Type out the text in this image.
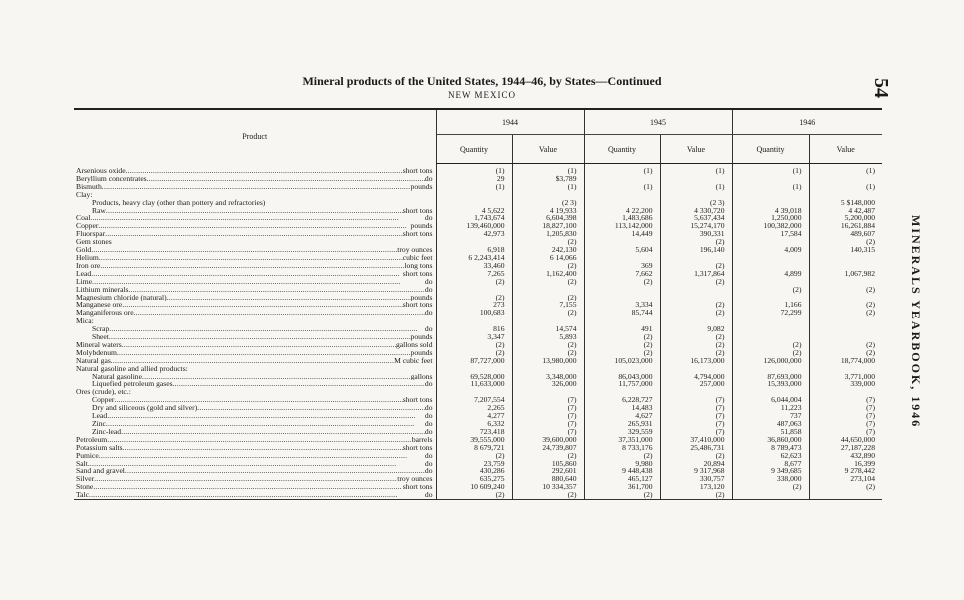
54
MINERALS YEARBOOK, 1946
Mineral products of the United States, 1944–46, by States—Continued
NEW MEXICO
Product	1944		1945		1946	
	Quantity	Value	Quantity	Value	Quantity	Value

Arsenious oxide ..... short tons	(1)	(1)	(1)	(1)	(1)	(1)

Beryllium concentrates ..... do	29	$3,789				

Bismuth ..... pounds	(1)	(1)	(1)	(1)	(1)	(1)

Clay:						

Products, heavy clay (other than pottery and refractories)		(2 3)		(2 3)		5 $148,000

Raw ..... short tons	4 5,622	4 19,933	4 22,200	4 330,720	4 39,018	4 42,487

Coal ..... do	1,743,674	6,604,398	1,483,686	5,637,434	1,250,000	5,200,000

Copper ..... pounds	139,460,000	18,827,100	113,142,000	15,274,170	100,382,000	16,261,884

Fluorspar ..... short tons	42,973	1,205,830	14,449	390,331	17,584	489,607

Gem stones		(2)		(2)		(2)

Gold ..... troy ounces	6,918	242,130	5,604	196,140	4,009	140,315

Helium ..... cubic feet	6 2,243,414	6 14,066				

Iron ore ..... long tons	33,460	(2)	369	(2)		

Lead ..... short tons	7,265	1,162,400	7,662	1,317,864	4,899	1,067,982

Lime ..... do	(2)	(2)	(2)	(2)		

Lithium minerals ..... do					(2)	(2)

Magnesium chloride (natural) ..... pounds	(2)	(2)				

Manganese ore ..... short tons	273	7,155	3,334	(2)	1,166	(2)

Manganiferous ore ..... do	100,683	(2)	85,744	(2)	72,299	(2)

Mica:						

Scrap ..... do	816	14,574	491	9,082		

Sheet ..... pounds	3,347	5,893	(2)	(2)		

Mineral waters ..... gallons sold	(2)	(2)	(2)	(2)	(2)	(2)

Molybdenum ..... pounds	(2)	(2)	(2)	(2)	(2)	(2)

Natural gas ..... M cubic feet	87,727,000	13,980,000	105,023,000	16,173,000	126,000,000	18,774,000

Natural gasoline and allied products:						

Natural gasoline ..... gallons	69,528,000	3,348,000	86,043,000	4,794,000	87,693,000	3,771,000

Liquefied petroleum gases ..... do	11,633,000	326,000	11,757,000	257,000	15,393,000	339,000

Ores (crude), etc.:						

Copper ..... short tons	7,207,554	(7)	6,228,727	(7)	6,044,004	(7)

Dry and siliceous (gold and silver) ..... do	2,265	(7)	14,483	(7)	11,223	(7)

Lead ..... do	4,277	(7)	4,627	(7)	737	(7)

Zinc ..... do	6,332	(7)	265,931	(7)	487,063	(7)

Zinc-lead ..... do	723,418	(7)	329,559	(7)	51,858	(7)

Petroleum ..... barrels	39,555,000	39,600,000	37,351,000	37,410,000	36,860,000	44,650,000

Potassium salts ..... short tons	8 679,721	24,739,807	8 733,176	25,486,731	8 789,473	27,187,228

Pumice ..... do	(2)	(2)	(2)	(2)	62,623	432,890

Salt ..... do	23,759	105,860	9,980	20,894	8,677	16,399

Sand and gravel ..... do	430,286	292,601	9 448,438	9 317,968	9 349,685	9 278,442

Silver ..... troy ounces	635,275	880,640	465,127	330,757	338,000	273,104

Stone ..... short tons	10 609,240	10 334,357	361,700	173,120	(2)	(2)

Talc ..... do	(2)	(2)	(2)	(2)		
